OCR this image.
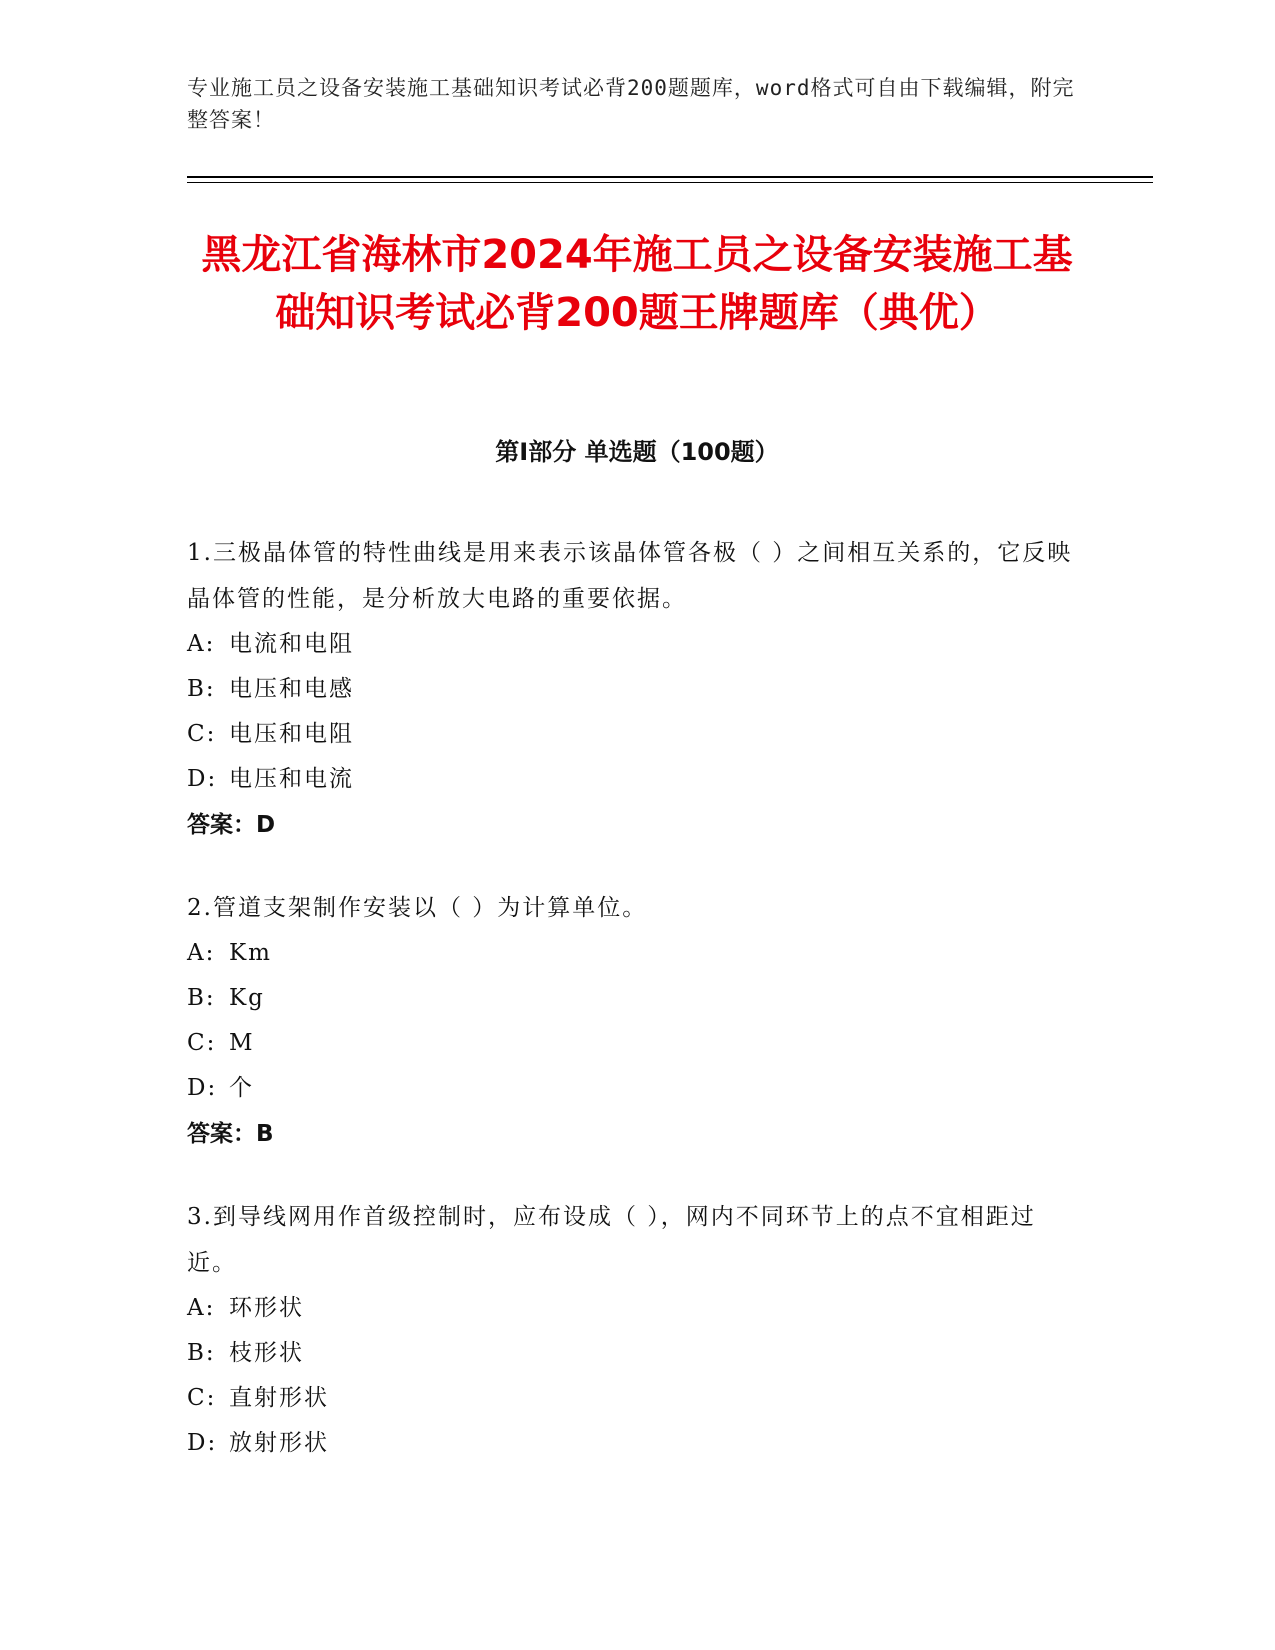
专业施工员之设备安装施工基础知识考试必背200题题库，word格式可自由下载编辑，附完整答案！
黑龙江省海林市2024年施工员之设备安装施工基础知识考试必背200题王牌题库（典优）
第I部分 单选题（100题）
1.三极晶体管的特性曲线是用来表示该晶体管各极（ ）之间相互关系的，它反映晶体管的性能，是分析放大电路的重要依据。
A: 电流和电阻
B: 电压和电感
C: 电压和电阻
D: 电压和电流
答案：D
2.管道支架制作安装以（ ）为计算单位。
A: Km
B: Kg
C: M
D: 个
答案：B
3.到导线网用作首级控制时，应布设成（ ），网内不同环节上的点不宜相距过近。
A: 环形状
B: 枝形状
C: 直射形状
D: 放射形状
